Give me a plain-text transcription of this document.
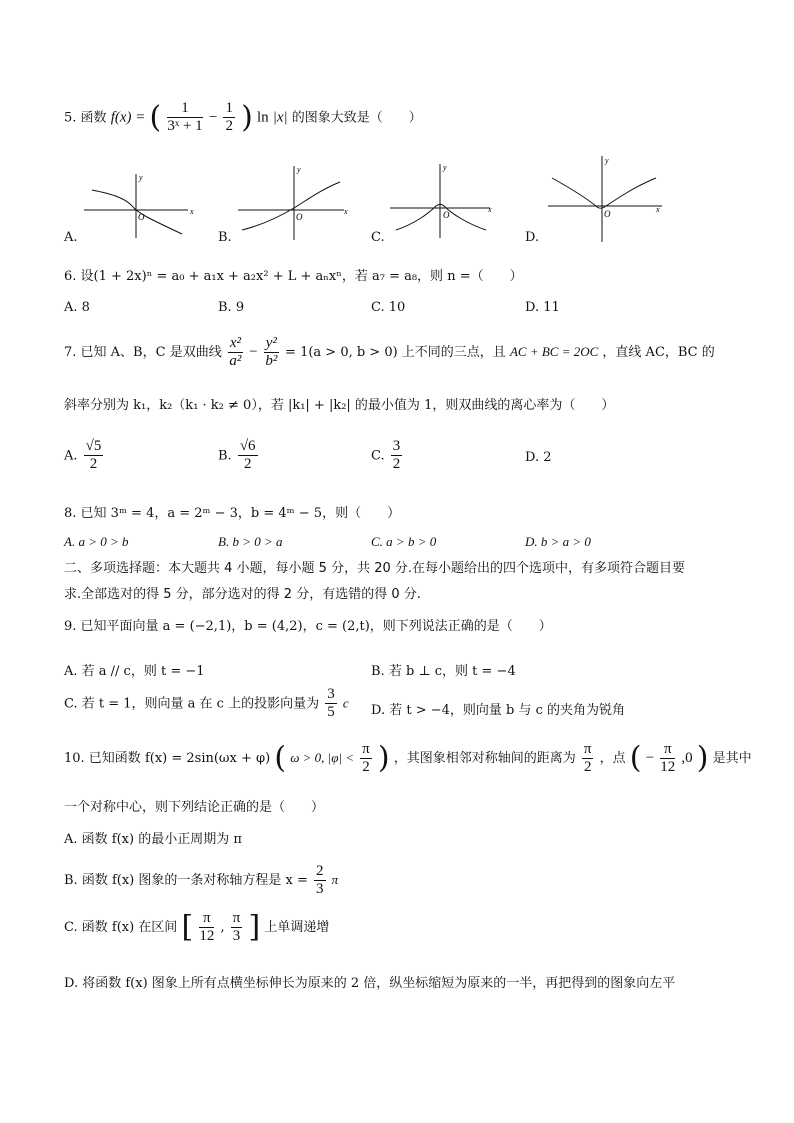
5. 函数 f(x) = ( $\frac{1}{\text{3ˣ + 1}} - \frac{1}{2}$ ) ln |x| 的图象大致是（　　）
x
y
O
A.
x
y
O
B.
x
y
O
C.
x
y
O
D.
6. 设(1 + 2x)ⁿ = a₀ + a₁x + a₂x² + L + aₙxⁿ，若 a₇ = a₈，则 n =（　　）
A. 8	B. 9	C. 10	D. 11
7. 已知 A、B，C 是双曲线 $\frac{\text{x²}}{\text{a²}} - \frac{\text{y²}}{\text{b²}} = 1(a > 0$, b > 0) 上不同的三点，且 AC + BC = 2OC ，直线 AC，BC 的
斜率分别为 k₁，k₂（k₁ · k₂ ≠ 0），若 |k₁| + |k₂| 的最小值为 1，则双曲线的离心率为（　　）
A. $\frac{√5}{2}$	B. $\frac{√6}{2}$	C. $\frac{3}{2}$	D. 2
8. 已知 3ᵐ = 4，a = 2ᵐ − 3，b = 4ᵐ − 5，则（　　）
A. a > 0 > b	B. b > 0 > a	C. a > b > 0	D. b > a > 0
二、多项选择题：本大题共 4 小题，每小题 5 分，共 20 分.在每小题给出的四个选项中，有多项符合题目要
求.全部选对的得 5 分，部分选对的得 2 分，有选错的得 0 分.
9. 已知平面向量 a = (−2,1)，b = (4,2)，c = (2,t)，则下列说法正确的是（　　）
A. 若 a // c，则 t = −1	B. 若 b ⊥ c，则 t = −4
C. 若 t = 1，则向量 a 在 c 上的投影向量为 $\frac{3}{5}$ c
D. 若 t > −4，则向量 b 与 c 的夹角为锐角
10. 已知函数 f(x) = 2sin(ωx + φ) ( ω > 0, $|\varphi| < \frac{\pi}{2}$ ) ，其图象相邻对称轴间的距离为 $\frac{\pi}{2}$ ，点 ( − $\frac{\pi}{12} ,0$ ) 是其中
一个对称中心，则下列结论正确的是（　　）
A. 函数 f(x) 的最小正周期为 π
B. 函数 f(x) 图象的一条对称轴方程是 $x = \frac{2}{3}$ π
C. 函数 f(x) 在区间 [ $\frac{\pi}{12}$ , $\frac{\pi}{3}$ ] 上单调递增
D. 将函数 f(x) 图象上所有点横坐标伸长为原来的 2 倍，纵坐标缩短为原来的一半，再把得到的图象向左平
